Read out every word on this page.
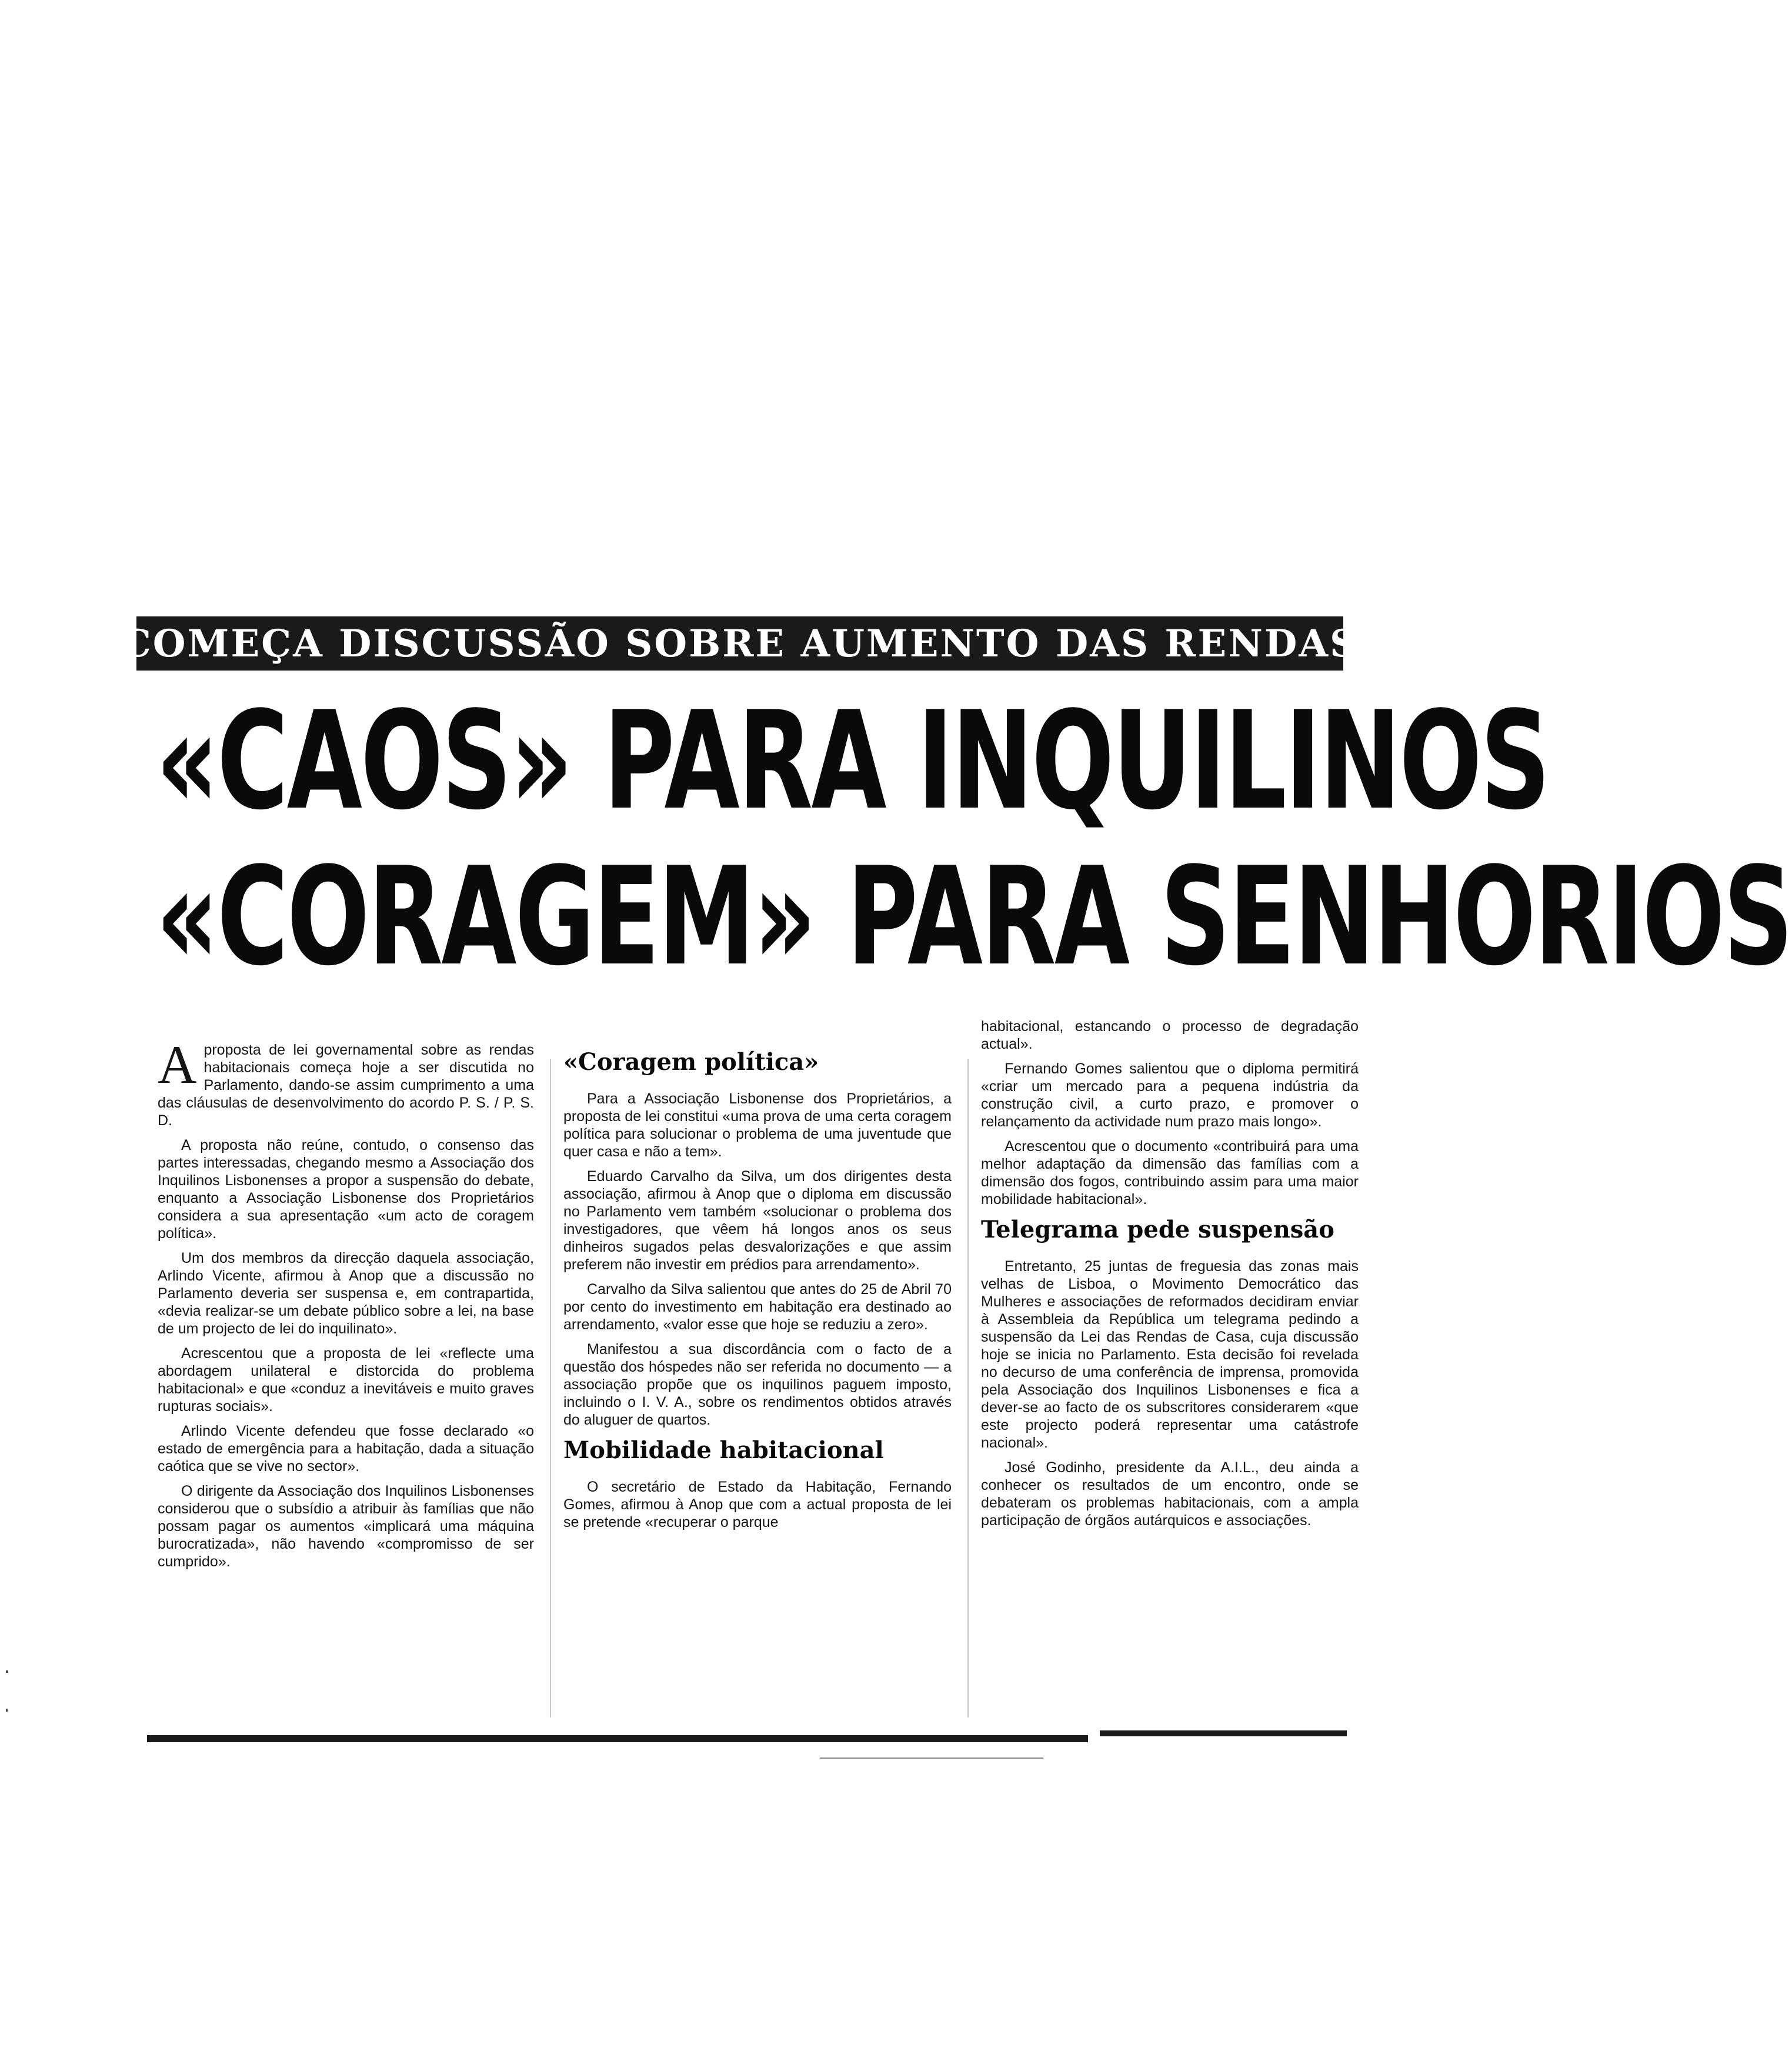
COMEÇA DISCUSSÃO SOBRE AUMENTO DAS RENDAS
«CAOS» PARA INQUILINOS
«CORAGEM» PARA SENHORIOS

Aproposta de lei governamental sobre as rendas habitacionais começa hoje a ser discutida no Parlamento, dando-se assim cumprimento a uma das cláusulas de desenvolvimento do acordo P. S. / P. S. D.

A proposta não reúne, contudo, o consenso das partes interessadas, chegando mesmo a Associação dos Inquilinos Lisbonenses a propor a suspensão do debate, enquanto a Associação Lisbonense dos Proprietários considera a sua apresentação «um acto de coragem política».

Um dos membros da direcção daquela associação, Arlindo Vicente, afirmou à Anop que a discussão no Parlamento deveria ser suspensa e, em contrapartida, «devia realizar-se um debate público sobre a lei, na base de um projecto de lei do inquilinato».

Acrescentou que a proposta de lei «reflecte uma abordagem unilateral e distorcida do problema habitacional» e que «conduz a inevitáveis e muito graves rupturas sociais».

Arlindo Vicente defendeu que fosse declarado «o estado de emergência para a habitação, dada a situação caótica que se vive no sector».

O dirigente da Associação dos Inquilinos Lisbonenses considerou que o subsídio a atribuir às famílias que não possam pagar os aumentos «implicará uma máquina burocratizada», não havendo «compromisso de ser cumprido».

«Coragem política»

Para a Associação Lisbonense dos Proprietários, a proposta de lei constitui «uma prova de uma certa coragem política para solucionar o problema de uma juventude que quer casa e não a tem».

Eduardo Carvalho da Silva, um dos dirigentes desta associação, afirmou à Anop que o diploma em discussão no Parlamento vem também «solucionar o problema dos investigadores, que vêem há longos anos os seus dinheiros sugados pelas desvalorizações e que assim preferem não investir em prédios para arrendamento».

Carvalho da Silva salientou que antes do 25 de Abril 70 por cento do investimento em habitação era destinado ao arrendamento, «valor esse que hoje se reduziu a zero».

Manifestou a sua discordância com o facto de a questão dos hóspedes não ser referida no documento — a associação propõe que os inquilinos paguem imposto, incluindo o I. V. A., sobre os rendimentos obtidos através do aluguer de quartos.

Mobilidade habitacional

O secretário de Estado da Habitação, Fernando Gomes, afirmou à Anop que com a actual proposta de lei se pretende «recuperar o parque

habitacional, estancando o processo de degradação actual».

Fernando Gomes salientou que o diploma permitirá «criar um mercado para a pequena indústria da construção civil, a curto prazo, e promover o relançamento da actividade num prazo mais longo».

Acrescentou que o documento «contribuirá para uma melhor adaptação da dimensão das famílias com a dimensão dos fogos, contribuindo assim para uma maior mobilidade habitacional».

Telegrama pede suspensão

Entretanto, 25 juntas de freguesia das zonas mais velhas de Lisboa, o Movimento Democrático das Mulheres e associações de reformados decidiram enviar à Assembleia da República um telegrama pedindo a suspensão da Lei das Rendas de Casa, cuja discussão hoje se inicia no Parlamento. Esta decisão foi revelada no decurso de uma conferência de imprensa, promovida pela Associação dos Inquilinos Lisbonenses e fica a dever-se ao facto de os subscritores considerarem «que este projecto poderá representar uma catástrofe nacional».

José Godinho, presidente da A.I.L., deu ainda a conhecer os resultados de um encontro, onde se debateram os problemas habitacionais, com a ampla participação de órgãos autárquicos e associações.
